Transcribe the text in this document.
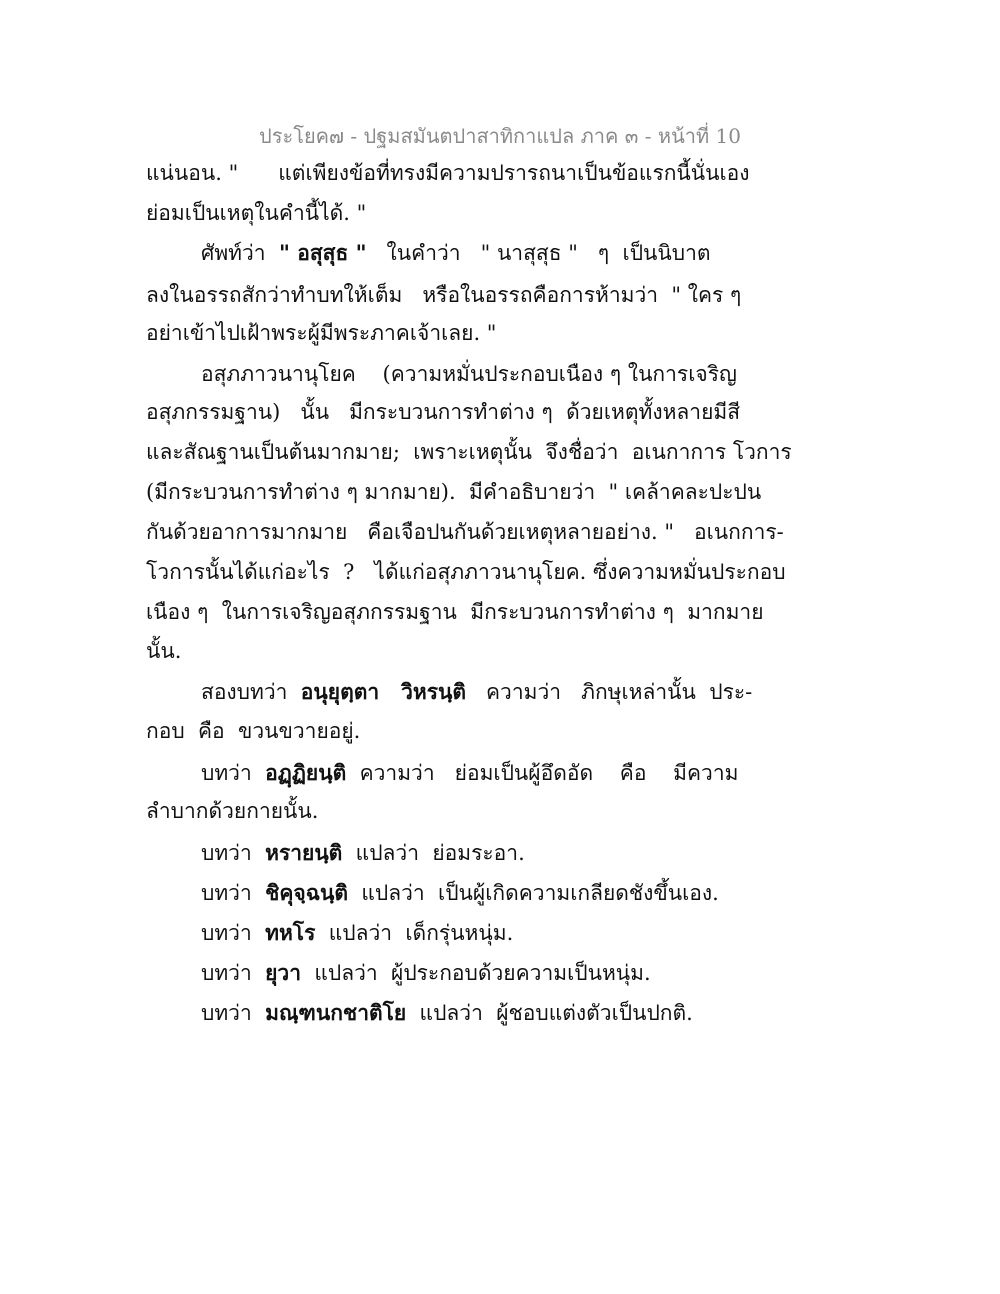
ประโยค๗ - ปฐมสมันตปาสาทิกาแปล ภาค ๓ - หน้าที่ 10
แน่นอน. "      แต่เพียงข้อที่ทรงมีความปรารถนาเป็นข้อแรกนี้นั่นเอง
ย่อมเป็นเหตุในคำนี้ได้. "
ศัพท์ว่า  " อสุสุธ "   ในคำว่า   " นาสุสุธ "   ๆ  เป็นนิบาต
ลงในอรรถสักว่าทำบทให้เต็ม   หรือในอรรถคือการห้ามว่า  " ใคร ๆ
อย่าเข้าไปเฝ้าพระผู้มีพระภาคเจ้าเลย. "
อสุภภาวนานุโยค    (ความหมั่นประกอบเนือง ๆ ในการเจริญ
อสุภกรรมฐาน)   นั้น   มีกระบวนการทำต่าง ๆ  ด้วยเหตุทั้งหลายมีสี
และสัณฐานเป็นต้นมากมาย;  เพราะเหตุนั้น  จึงชื่อว่า  อเนกาการ โวการ
(มีกระบวนการทำต่าง ๆ มากมาย).  มีคำอธิบายว่า  " เคล้าคละปะปน
กันด้วยอาการมากมาย   คือเจือปนกันด้วยเหตุหลายอย่าง. "   อเนกการ-
โวการนั้นได้แก่อะไร  ?   ได้แก่อสุภภาวนานุโยค. ซึ่งความหมั่นประกอบ
เนือง ๆ  ในการเจริญอสุภกรรมฐาน  มีกระบวนการทำต่าง ๆ  มากมาย
นั้น.
สองบทว่า  อนุยุตฺตา   วิหรนฺติ   ความว่า   ภิกษุเหล่านั้น  ประ-
กอบ  คือ  ขวนขวายอยู่.
บทว่า  อฏฺฏิยนฺติ  ความว่า   ย่อมเป็นผู้อึดอัด    คือ    มีความ
ลำบากด้วยกายนั้น.
บทว่า  หรายนฺติ  แปลว่า  ย่อมระอา.
บทว่า  ชิคุจฺฉนฺติ  แปลว่า  เป็นผู้เกิดความเกลียดชังขึ้นเอง.
บทว่า  ทหโร  แปลว่า  เด็กรุ่นหนุ่ม.
บทว่า  ยุวา  แปลว่า  ผู้ประกอบด้วยความเป็นหนุ่ม.
บทว่า  มณฺฑนกชาติโย  แปลว่า  ผู้ชอบแต่งตัวเป็นปกติ.
